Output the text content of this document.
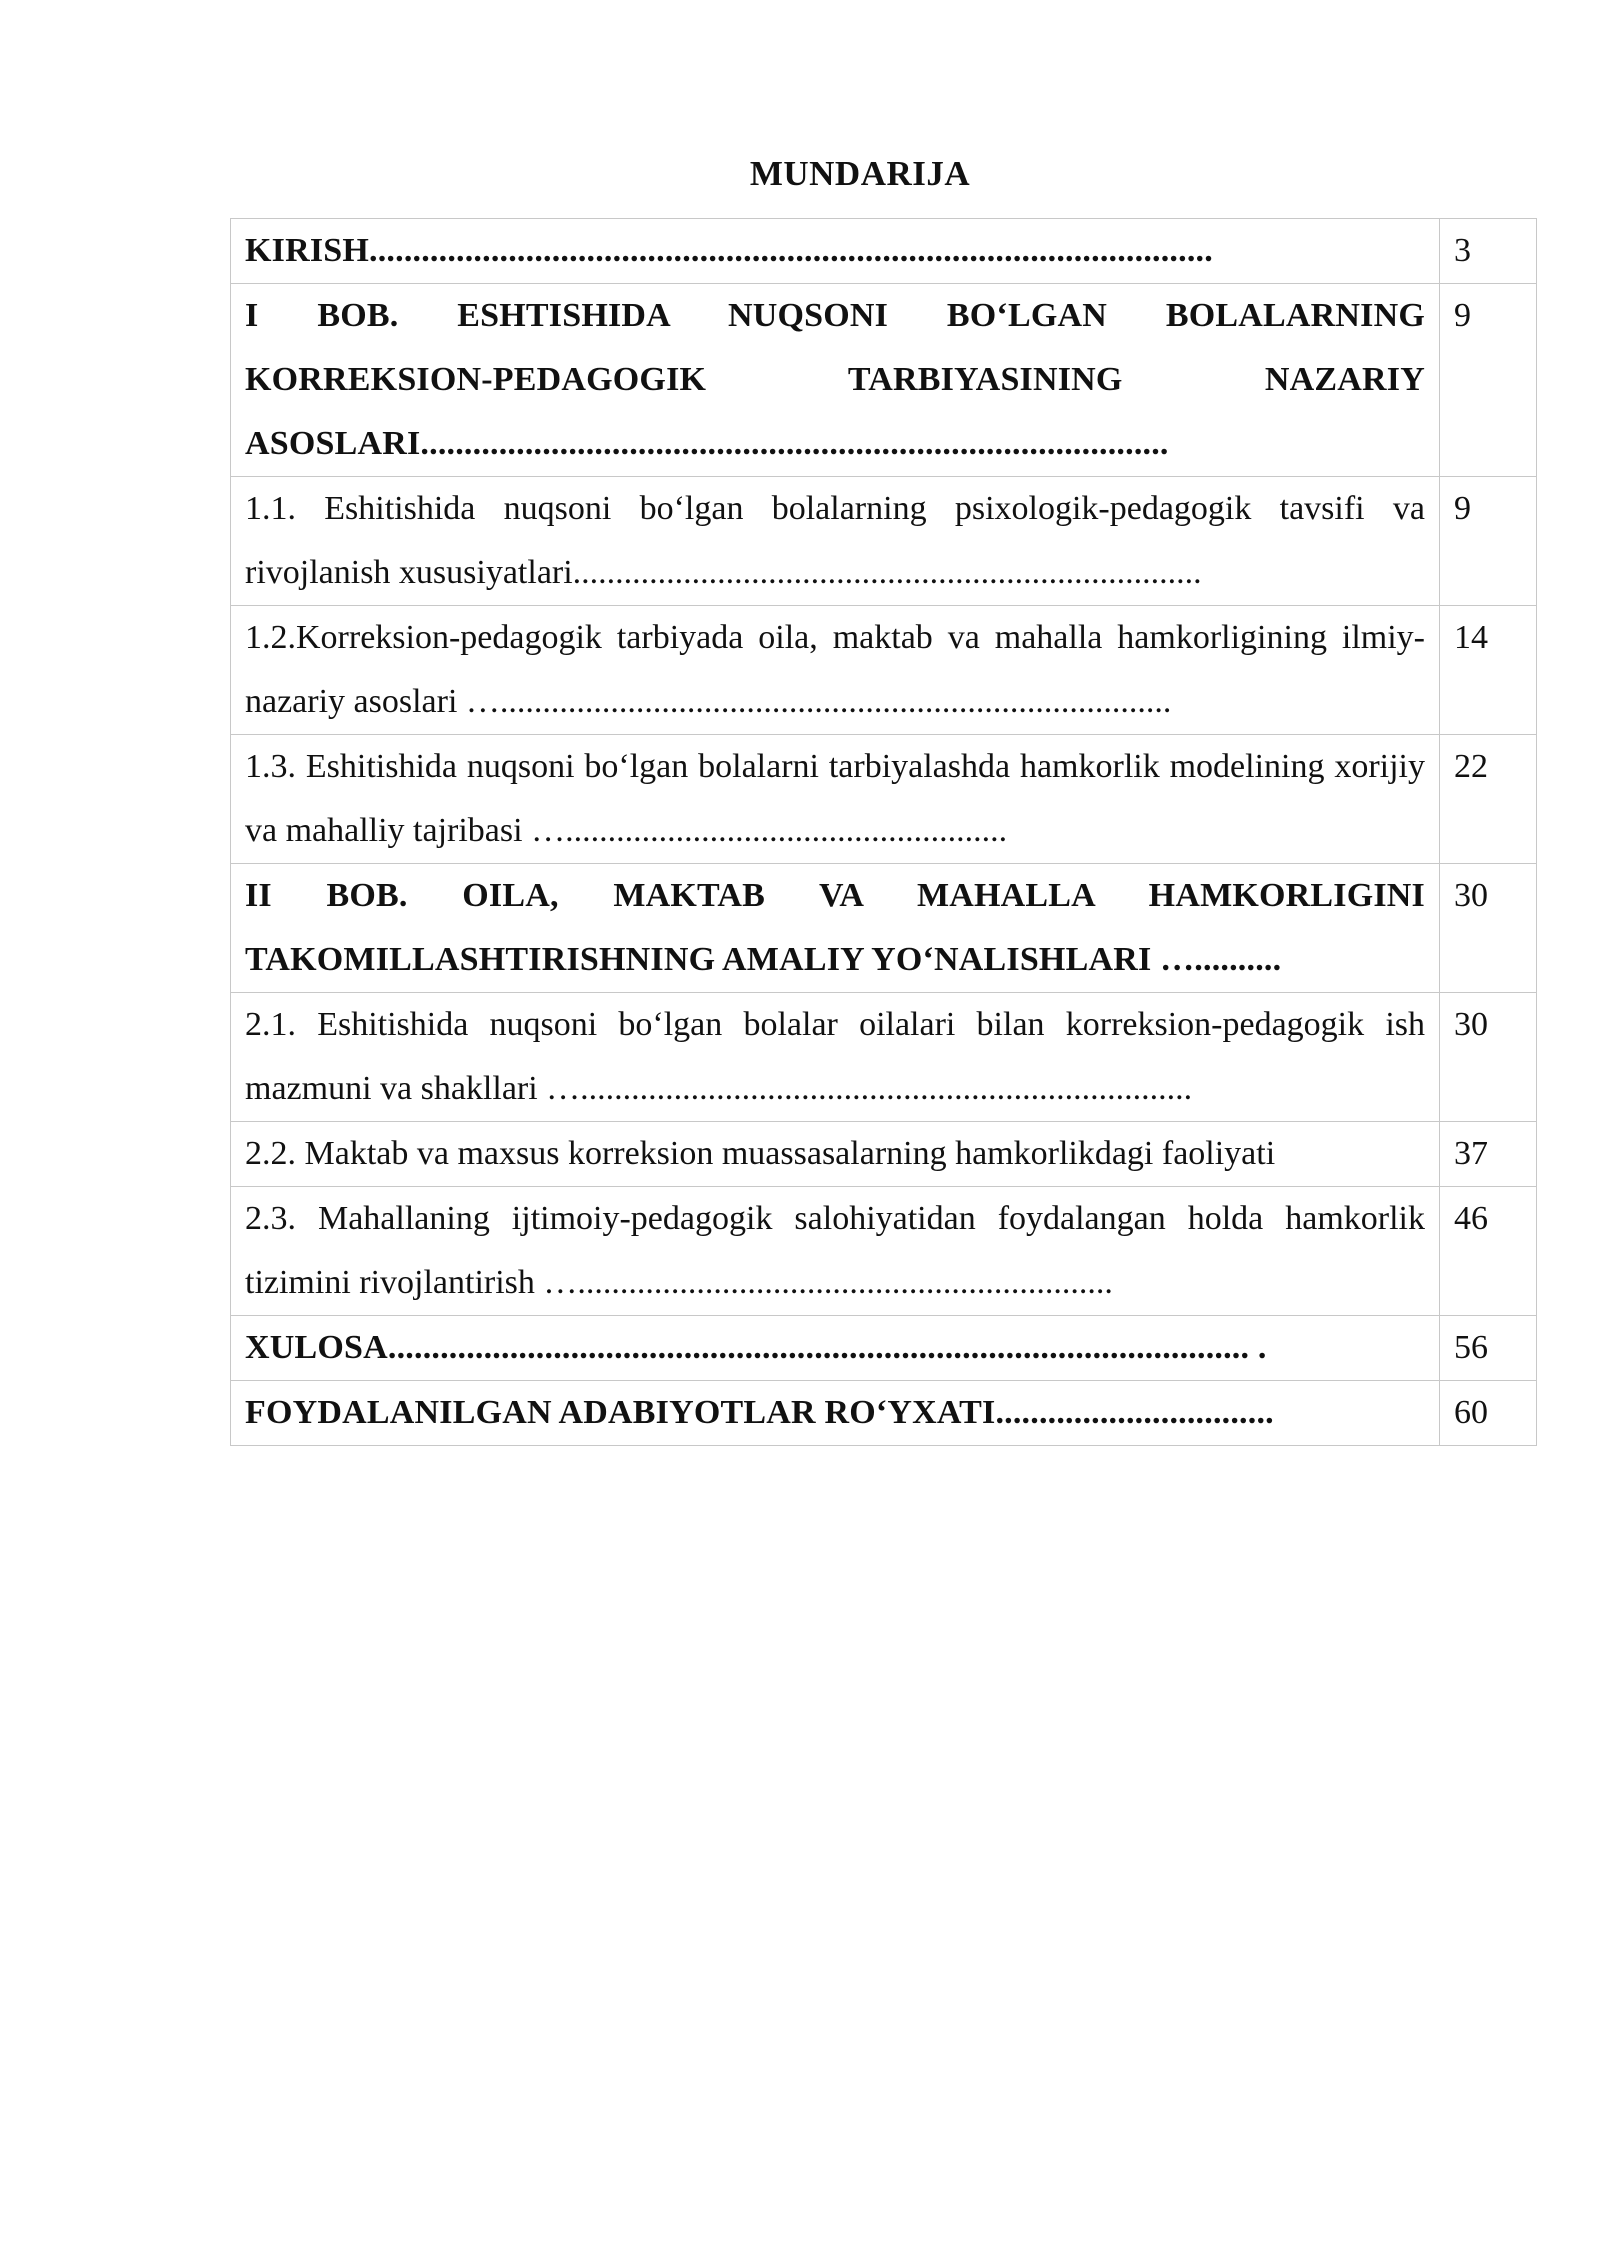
MUNDARIJA
KIRISH.................................................................................................	3
I BOB. ESHTISHIDA NUQSONI BO‘LGAN BOLALARNING KORREKSION-PEDAGOGIK TARBIYASINING NAZARIY ASOSLARI......................................................................................	9
1.1. Eshitishida nuqsoni bo‘lgan bolalarning psixologik-pedagogik tavsifi va rivojlanish xususiyatlari..........................................................................	9
1.2.Korreksion-pedagogik tarbiyada oila, maktab va mahalla hamkorligining ilmiy-nazariy asoslari …...............................................................................	14
1.3. Eshitishida nuqsoni bo‘lgan bolalarni tarbiyalashda hamkorlik modelining xorijiy va mahalliy tajribasi …....................................................	22
II BOB. OILA, MAKTAB VA MAHALLA HAMKORLIGINI TAKOMILLASHTIRISHNING AMALIY YO‘NALISHLARI …..........	30
2.1. Eshitishida nuqsoni bo‘lgan bolalar oilalari bilan korreksion-pedagogik ish mazmuni va shakllari …........................................................................	30
2.2. Maktab va maxsus korreksion muassasalarning hamkorlikdagi faoliyati	37
2.3. Mahallaning ijtimoiy-pedagogik salohiyatidan foydalangan holda hamkorlik tizimini rivojlantirish …...............................................................	46
XULOSA................................................................................................... .	56
FOYDALANILGAN ADABIYOTLAR RO‘YXATI................................	60
